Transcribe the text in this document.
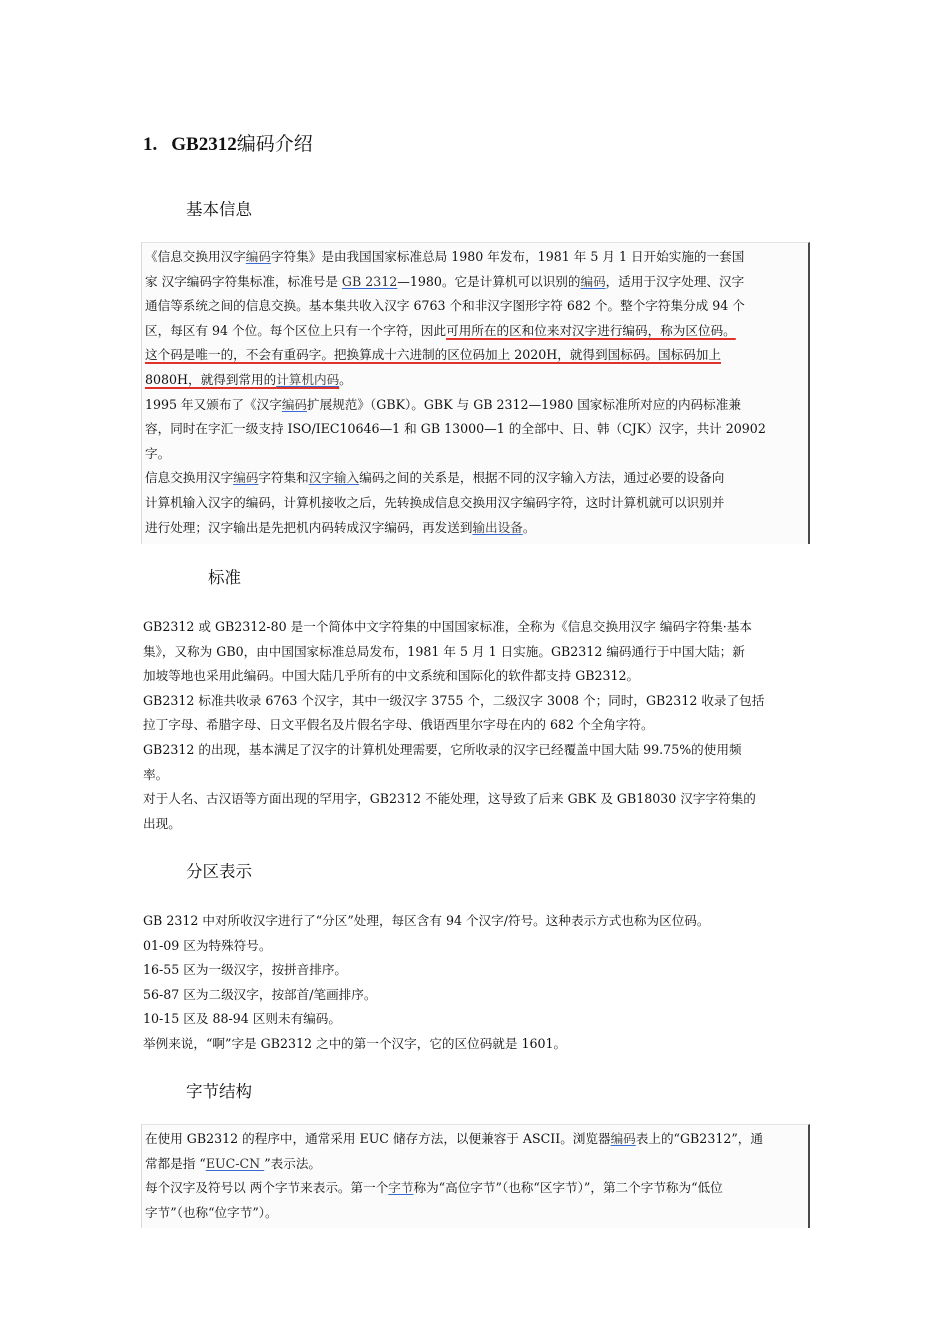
1. GB2312编码介绍
基本信息

《信息交换用汉字编码字符集》是由我国国家标准总局 1980 年发布，1981 年 5 月 1 日开始实施的一套国

家 汉字编码字符集标准，标准号是 GB 2312—1980。它是计算机可以识别的编码，适用于汉字处理、汉字

通信等系统之间的信息交换。基本集共收入汉字 6763 个和非汉字图形字符 682 个。整个字符集分成 94 个

区，每区有 94 个位。每个区位上只有一个字符，因此可用所在的区和位来对汉字进行编码，称为区位码。

这个码是唯一的，不会有重码字。把换算成十六进制的区位码加上 2020H，就得到国标码。国标码加上

8080H，就得到常用的计算机内码。

1995 年又颁布了《汉字编码扩展规范》（GBK）。GBK 与 GB 2312—1980 国家标准所对应的内码标准兼

容，同时在字汇一级支持 ISO/IEC10646—1 和 GB 13000—1 的全部中、日、韩（CJK）汉字，共计 20902

字。

信息交换用汉字编码字符集和汉字输入编码之间的关系是，根据不同的汉字输入方法，通过必要的设备向

计算机输入汉字的编码，计算机接收之后，先转换成信息交换用汉字编码字符，这时计算机就可以识别并

进行处理；汉字输出是先把机内码转成汉字编码，再发送到输出设备。

标准

GB2312 或 GB2312-80 是一个简体中文字符集的中国国家标准，全称为《信息交换用汉字 编码字符集·基本

集》，又称为 GB0，由中国国家标准总局发布，1981 年 5 月 1 日实施。GB2312 编码通行于中国大陆；新

加坡等地也采用此编码。中国大陆几乎所有的中文系统和国际化的软件都支持 GB2312。

GB2312 标准共收录 6763 个汉字，其中一级汉字 3755 个，二级汉字 3008 个；同时，GB2312 收录了包括

拉丁字母、希腊字母、日文平假名及片假名字母、俄语西里尔字母在内的 682 个全角字符。

GB2312 的出现，基本满足了汉字的计算机处理需要，它所收录的汉字已经覆盖中国大陆 99.75%的使用频

率。

对于人名、古汉语等方面出现的罕用字，GB2312 不能处理，这导致了后来 GBK 及 GB18030 汉字字符集的

出现。

分区表示

GB 2312 中对所收汉字进行了“分区”处理，每区含有 94 个汉字/符号。这种表示方式也称为区位码。

01-09 区为特殊符号。

16-55 区为一级汉字，按拼音排序。

56-87 区为二级汉字，按部首/笔画排序。

10-15 区及 88-94 区则未有编码。

举例来说，“啊”字是 GB2312 之中的第一个汉字，它的区位码就是 1601。

字节结构

在使用 GB2312 的程序中，通常采用 EUC 储存方法，以便兼容于 ASCII。浏览器编码表上的“GB2312”，通

常都是指 “EUC-CN ”表示法。

每个汉字及符号以 两个字节来表示。第一个字节称为“高位字节”（也称“区字节）”，第二个字节称为“低位

字节”（也称“位字节”）。
